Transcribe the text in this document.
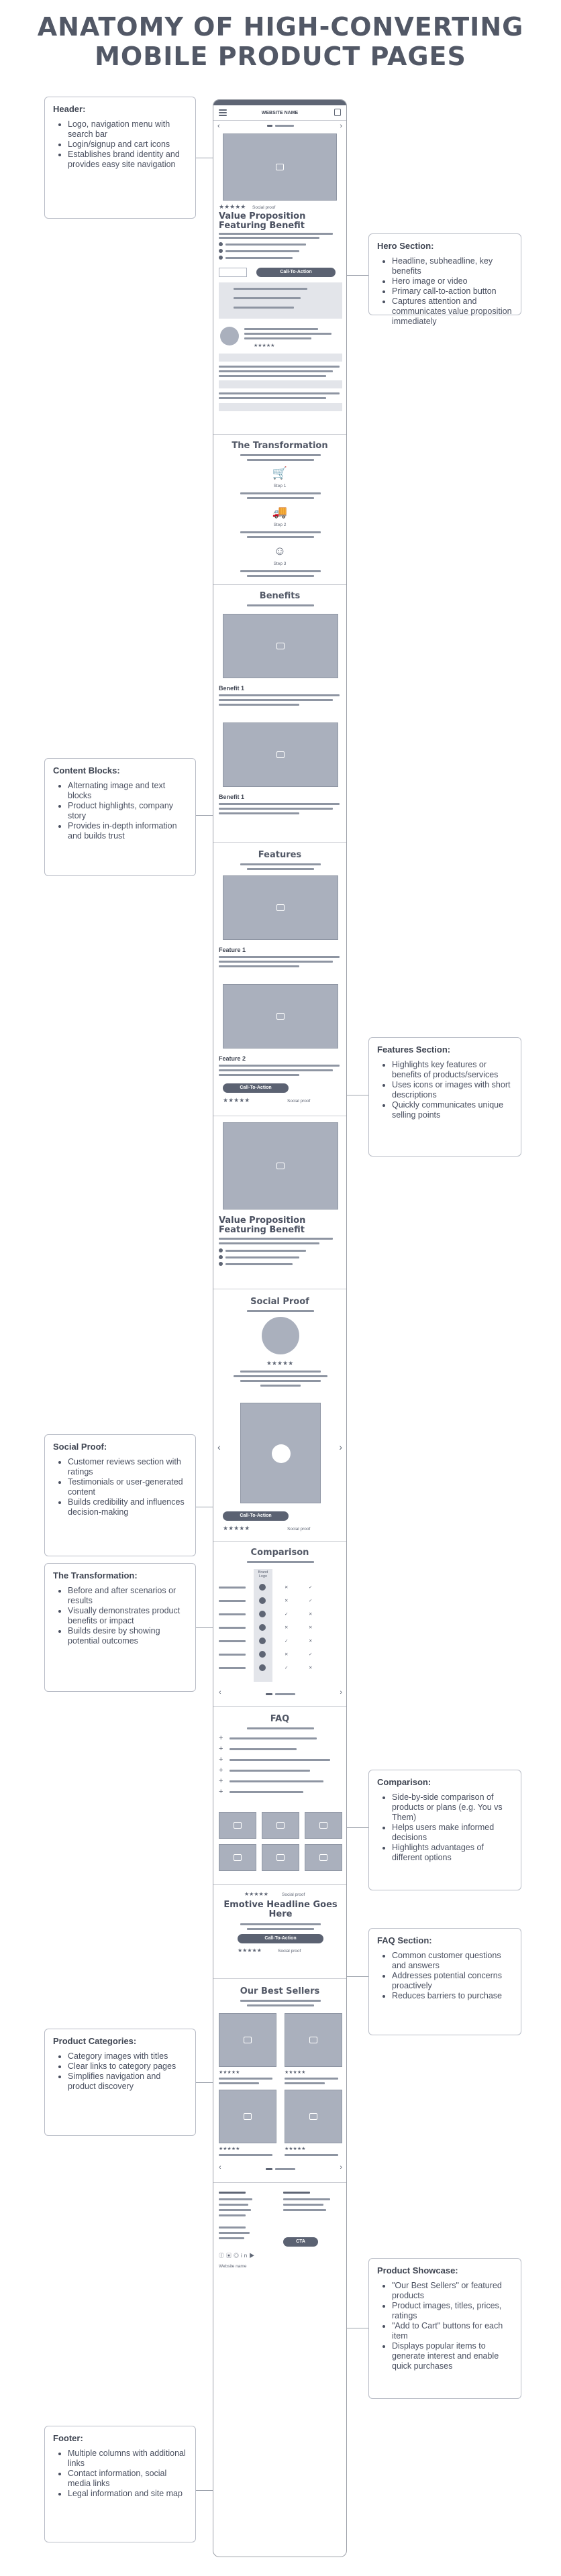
ANATOMY OF HIGH-CONVERTING MOBILE PRODUCT PAGES
Header:
• Logo, navigation menu with search bar
• Login/signup and cart icons
• Establishes brand identity and provides easy site navigation
Hero Section:
• Headline, subheadline, key benefits
• Hero image or video
• Primary call-to-action button
• Captures attention and communicates value proposition immediately
Content Blocks:
• Alternating image and text blocks
• Product highlights, company story
• Provides in-depth information and builds trust
Features Section:
• Highlights key features or benefits of products/services
• Uses icons or images with short descriptions
• Quickly communicates unique selling points
Social Proof:
• Customer reviews section with ratings
• Testimonials or user-generated content
• Builds credibility and influences decision-making
The Transformation:
• Before and after scenarios or results
• Visually demonstrates product benefits or impact
• Builds desire by showing potential outcomes
Comparison:
• Side-by-side comparison of products or plans (e.g. You vs Them)
• Helps users make informed decisions
• Highlights advantages of different options
FAQ Section:
• Common customer questions and answers
• Addresses potential concerns proactively
• Reduces barriers to purchase
Product Categories:
• Category images with titles
• Clear links to category pages
• Simplifies navigation and product discovery
Product Showcase:
• "Our Best Sellers" or featured products
• Product images, titles, prices, ratings
• "Add to Cart" buttons for each item
• Displays popular items to generate interest and enable quick purchases
Footer:
• Multiple columns with additional links
• Contact information, social media links
• Legal information and site map
WEBSITE NAME
‹	›
★★★★★ Social proof
Value Proposition Featuring Benefit
Call-To-Action
★★★★★
The Transformation
🛒
Step 1
🚚
Step 2
☺
Step 3
Benefits
Benefit 1
Benefit 1
Features
Feature 1
Feature 2
Call-To-Action
★★★★★	Social proof
Value Proposition Featuring Benefit
Social Proof
★★★★★
‹	›
Call-To-Action
★★★★★	Social proof
Comparison
Brand Logo
✕	✓
✕	✓
✓	✕
✕	✕
✓	✕
✕	✓
✓	✕
‹	›
FAQ
+
+
+
+
+
+
★★★★★	Social proof
Emotive Headline Goes Here
Call-To-Action
★★★★★	Social proof
Our Best Sellers
★★★★★	★★★★★
★★★★★	★★★★★
‹	›
CTA
ⓕ▣◎in▶
Website name
